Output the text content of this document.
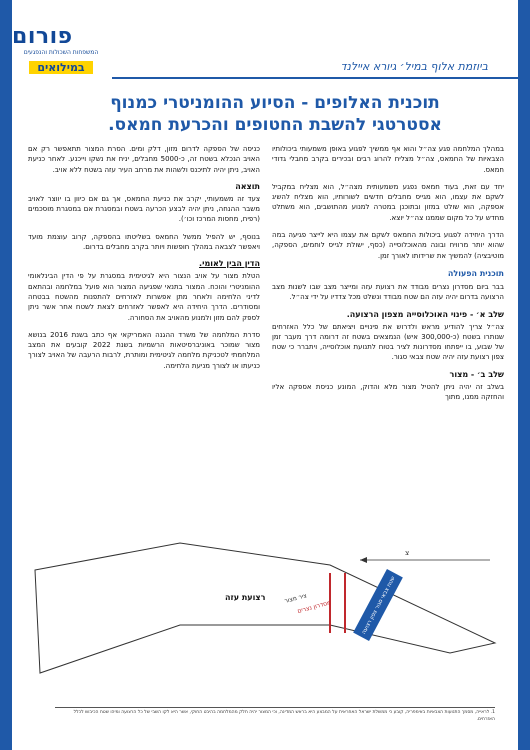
פורום
המשפחות השכולות והנפגעים
במילואים	ביוזמת אלוף במיל׳ גיורא איילנד
תוכנית האלופים - הסיוע ההומניטרי כמנוף
אסטרטגי להשבת החטופים והכרעת חמאס.

במהלך המלחמה פגע צה״ל והוא אף ממשיך לפגוע באופן משמעותי ביכולותיו הצבאיות של החמאס, צה״ל מצליח להרוג רבים ובכירים בקרב מחבלי גדודי חמאס.

יחד עם זאת, בעוד חמאס נפגע משמעותית מצה״ל, הוא מצליח במקביל לשקם את עצמו, הוא מגייס מחבלים חדשים לשורותיו, הוא מצליח להשיג אספקה, הוא שולט במזון ובתוכנן במטרה למנוע מהתושבים, הוא משתלט מחדש על כל מקום שממנו צה״ל יוצא.

הדרך היחידה לפגוע ביכולות החמאס לשקם את עצמו היא לייצר פגיעה במה שהוא יותר מרוויח ובונה מהאוכלוסייה (כסף, ישולת לגייס לוחמים, הספקה, מוטיבציה) להמשיך את שרידותו לאורך זמן.

תוכנית הפעולה

בבר ביום מסדרון נצרים מבודד את רצועת עזה ומייצר מצב שבו לשנות מצב הרצועה בדרום יהיה עזה הם שטח מבודד ונשלט מכל צדדיו על ידי צה״ל.

שלב א׳ - פינוי האוכלוסייה מצפון הרצועה.

צה״ל צריך להודיע מראש ולדרוש את פינויים ויציאתם של כלל האזרחים שנותרו בשטח (כ-300,000 איש) הנמצאים בשטח זה דרומה דרך מעבר זמן של שבוע, בו ייפתחו מסדרונות לציר בטוח לתנועת אוכלוסייה, ויתברר כי שטח צפון רצועת עזה יהיה שטח צבאי סגור.

שלב ב׳ - מצור

בשלב זה יהיה ניתן להטיל מצור מלא והדוק, המונע כניסת אספקה אליו והחזקה ממנו, מתוך

כניסה של הספקה לדרום מזון, דלק ומים. הסרת המצור תתאפשר רק אם האויב הנכלא בשטח זה, כ-5000 מחבלים, יניח את נשקו וייכנע. לאחר כניעת האויב, ניתן יהיה לתיכנס ולשהות את מרחב העיר עזה בשטח ללא אויב.

תוצאה

צעד זה משמעותי, יקרב את כניעת החמאס, אך גם אם כיוון בו יווצר לאויב משבר ההנחה, ניתן יהיה לבצע הכרעה בשטח ובמסגרת אם במסגרת מוסכמים (רפיח, מחסות המרכז וכו׳).

בנוסף, יש להפיל ממשל החמאס בשליטתו בהספקה, קרוב עוצמת מועד ויאפשר לצבאה במהלך חופשות ויותר בקרב מחבלים בדרום.

הדין הבין לאומי.

הטלת מצור על אויב הנצור היא לגיטימית במסגרת על פי הדין הבינלאומי ההומניטרי והוכח. המצור בתנאי שפגיעה המצור הוא פועל במלחמה ובהתאם לדיני הלחימה ולאחר מתן אפשרות לאזרחים להתפנות מהשטח בבטחה ומסודרים. הדרך היחידה היא לאפשר לאזרחים לצאת לשטח אחר אשר ניתן לספק להם מזון ולמנוע מהאויב את הסחורה.

סדרת המלחמה של משרד ההגנה האמריקאי אף כתב בשנת 2016 בנושא מצור שמוכר באוניברסיטאות הרשמיות בשנת 2022 קובעים את המצב המלחמתי לטכניקת מלחמה לגיטימית ומותרת, לרבות הרעבה של האויב לצורך כניעתו או לצורך מניעת הלחימה.

צ
שטח צבאי סגור צפון רצועה
מסדרון נצרים
ציר מצור
רצועת עזה
1. לראייה, מסמך התנועות הצבאיות באימפריה, קובע כי ממשלת ישראל האחראית על המבצע היא בראש המדינה, וכי המצור יהיה חלק מהמלחמה בהיבט החוקי, אשר היא לקו השבי של כל הרצועה ומיהו שטח הכיבוש לכלל האזרחים.
